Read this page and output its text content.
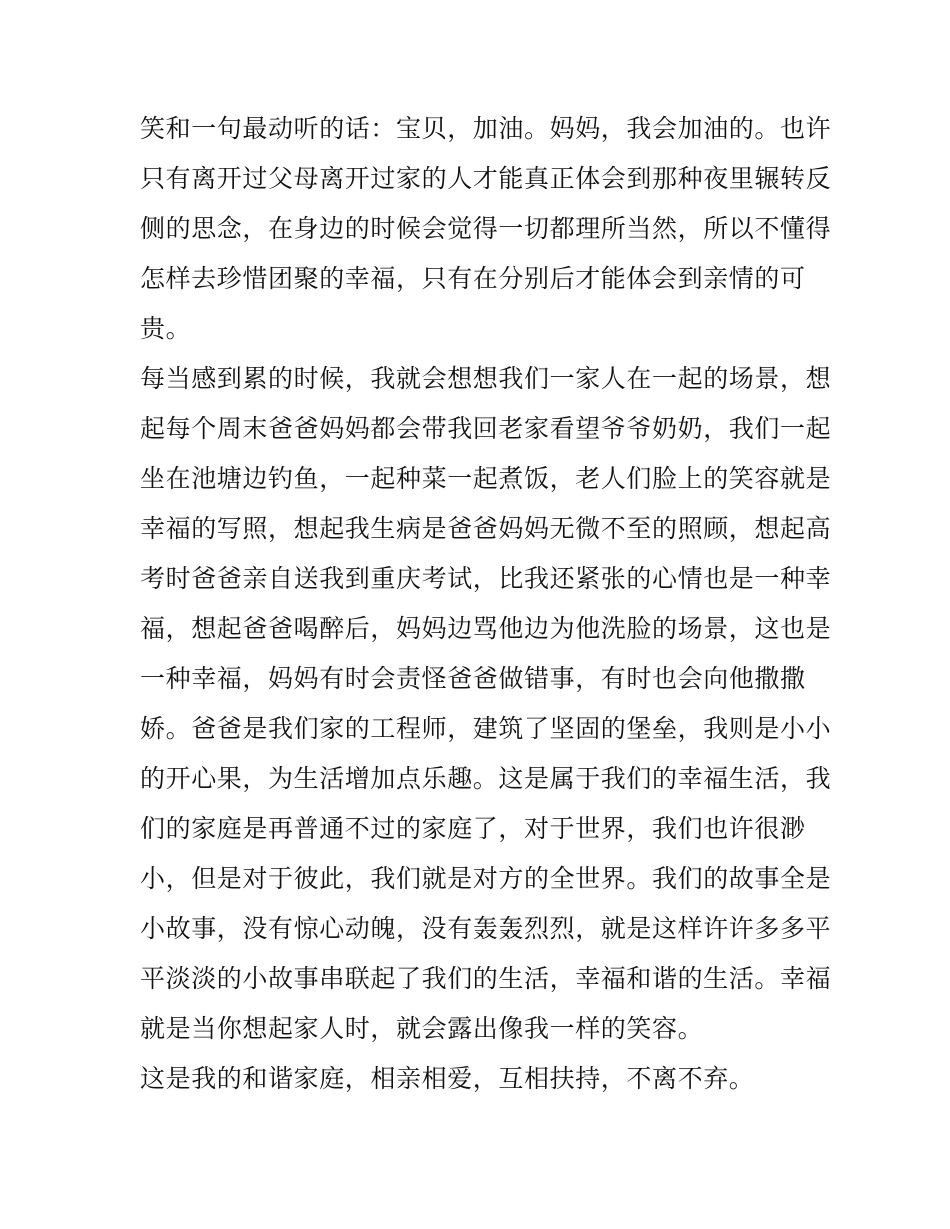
笑和一句最动听的话：宝贝，加油。妈妈，我会加油的。也许

只有离开过父母离开过家的人才能真正体会到那种夜里辗转反

侧的思念，在身边的时候会觉得一切都理所当然，所以不懂得

怎样去珍惜团聚的幸福，只有在分别后才能体会到亲情的可

贵。

每当感到累的时候，我就会想想我们一家人在一起的场景，想

起每个周末爸爸妈妈都会带我回老家看望爷爷奶奶，我们一起

坐在池塘边钓鱼，一起种菜一起煮饭，老人们脸上的笑容就是

幸福的写照，想起我生病是爸爸妈妈无微不至的照顾，想起高

考时爸爸亲自送我到重庆考试，比我还紧张的心情也是一种幸

福，想起爸爸喝醉后，妈妈边骂他边为他洗脸的场景，这也是

一种幸福，妈妈有时会责怪爸爸做错事，有时也会向他撒撒

娇。爸爸是我们家的工程师，建筑了坚固的堡垒，我则是小小

的开心果，为生活增加点乐趣。这是属于我们的幸福生活，我

们的家庭是再普通不过的家庭了，对于世界，我们也许很渺

小，但是对于彼此，我们就是对方的全世界。我们的故事全是

小故事，没有惊心动魄，没有轰轰烈烈，就是这样许许多多平

平淡淡的小故事串联起了我们的生活，幸福和谐的生活。幸福

就是当你想起家人时，就会露出像我一样的笑容。

这是我的和谐家庭，相亲相爱，互相扶持，不离不弃。
